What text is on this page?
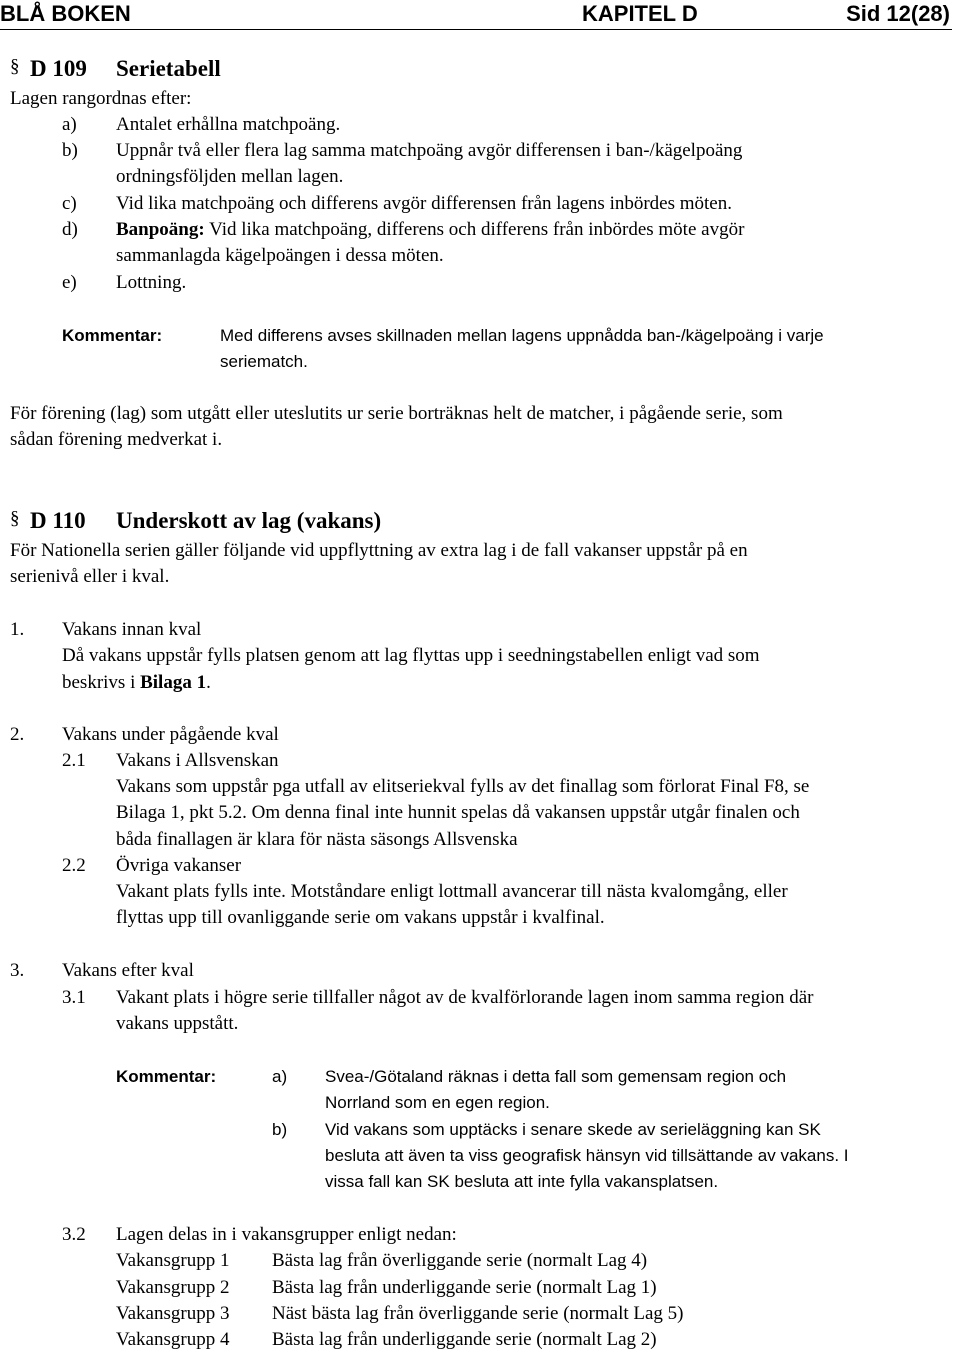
BLÅ BOKEN	KAPITEL D	Sid 12(28)
§ D 109 Serietabell
Lagen rangordnas efter:
a) Antalet erhållna matchpoäng.
b) Uppnår två eller flera lag samma matchpoäng avgör differensen i ban-/kägelpoäng
ordningsföljden mellan lagen.
c) Vid lika matchpoäng och differens avgör differensen från lagens inbördes möten.
d) Banpoäng: Vid lika matchpoäng, differens och differens från inbördes möte avgör
sammanlagda kägelpoängen i dessa möten.
e) Lottning.
Kommentar:	Med differens avses skillnaden mellan lagens uppnådda ban-/kägelpoäng i varje
seriematch.
För förening (lag) som utgått eller uteslutits ur serie borträknas helt de matcher, i pågående serie, som
sådan förening medverkat i.
§ D 110 Underskott av lag (vakans)
För Nationella serien gäller följande vid uppflyttning av extra lag i de fall vakanser uppstår på en
serienivå eller i kval.
1. Vakans innan kval
Då vakans uppstår fylls platsen genom att lag flyttas upp i seedningstabellen enligt vad som
beskrivs i Bilaga 1.
2. Vakans under pågående kval
2.1 Vakans i Allsvenskan
Vakans som uppstår pga utfall av elitseriekval fylls av det finallag som förlorat Final F8, se
Bilaga 1, pkt 5.2. Om denna final inte hunnit spelas då vakansen uppstår utgår finalen och
båda finallagen är klara för nästa säsongs Allsvenska
2.2 Övriga vakanser
Vakant plats fylls inte. Motståndare enligt lottmall avancerar till nästa kvalomgång, eller
flyttas upp till ovanliggande serie om vakans uppstår i kvalfinal.
3. Vakans efter kval
3.1 Vakant plats i högre serie tillfaller något av de kvalförlorande lagen inom samma region där
vakans uppstått.
Kommentar:	a) Svea-/Götaland räknas i detta fall som gemensam region och
Norrland som en egen region.
b) Vid vakans som upptäcks i senare skede av serieläggning kan SK
besluta att även ta viss geografisk hänsyn vid tillsättande av vakans. I
vissa fall kan SK besluta att inte fylla vakansplatsen.
3.2 Lagen delas in i vakansgrupper enligt nedan:
Vakansgrupp 1 Bästa lag från överliggande serie (normalt Lag 4)
Vakansgrupp 2 Bästa lag från underliggande serie (normalt Lag 1)
Vakansgrupp 3 Näst bästa lag från överliggande serie (normalt Lag 5)
Vakansgrupp 4 Bästa lag från underliggande serie (normalt Lag 2)
